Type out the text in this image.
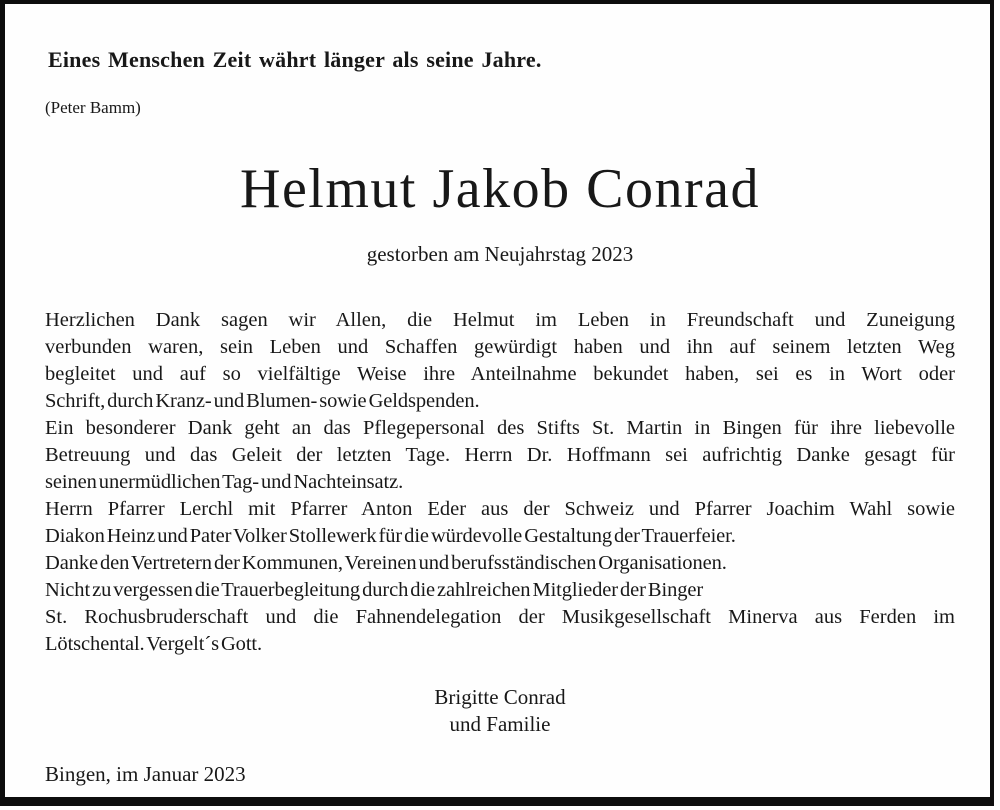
Eines Menschen Zeit währt länger als seine Jahre.
(Peter Bamm)
Helmut Jakob Conrad
gestorben am Neujahrstag 2023
Herzlichen Dank sagen wir Allen, die Helmut im Leben in Freundschaft und Zuneigung
verbunden waren, sein Leben und Schaffen gewürdigt haben und ihn auf seinem letzten Weg
begleitet und auf so vielfältige Weise ihre Anteilnahme bekundet haben, sei es in Wort oder
Schrift, durch Kranz- und Blumen- sowie Geldspenden.
Ein besonderer Dank geht an das Pflegepersonal des Stifts St. Martin in Bingen für ihre liebevolle
Betreuung und das Geleit der letzten Tage. Herrn Dr. Hoffmann sei aufrichtig Danke gesagt für
seinen unermüdlichen Tag- und Nachteinsatz.
Herrn Pfarrer Lerchl mit Pfarrer Anton Eder aus der Schweiz und Pfarrer Joachim Wahl sowie
Diakon Heinz und Pater Volker Stollewerk für die würdevolle Gestaltung der Trauerfeier.
Danke den Vertretern der Kommunen, Vereinen und berufsständischen Organisationen.
Nicht zu vergessen die Trauerbegleitung durch die zahlreichen Mitglieder der Binger
St. Rochusbruderschaft und die Fahnendelegation der Musikgesellschaft Minerva aus Ferden im
Lötschental. Vergelt´s Gott.
Brigitte Conrad
und Familie
Bingen, im Januar 2023
